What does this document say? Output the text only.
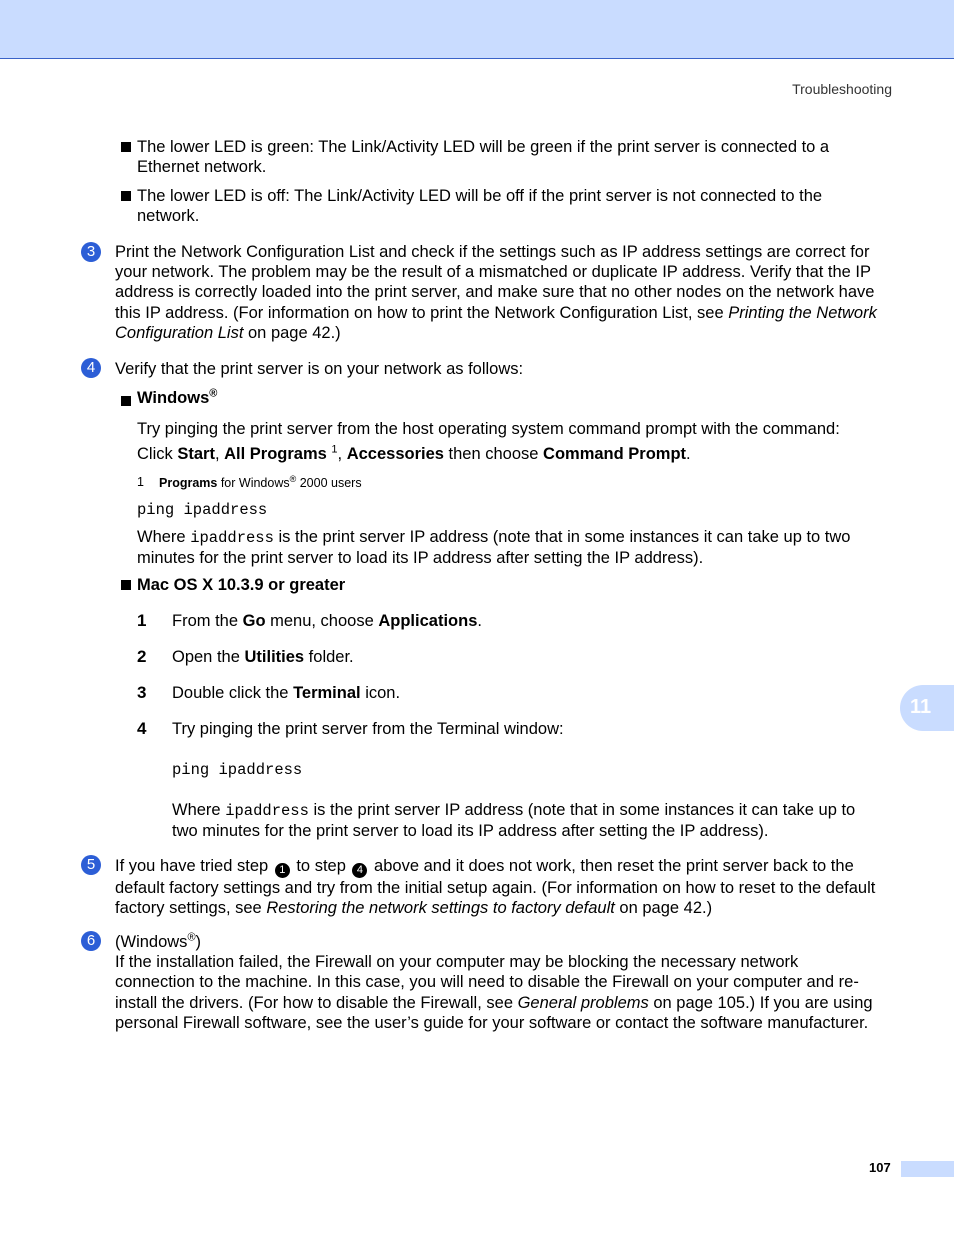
Troubleshooting
The lower LED is green: The Link/Activity LED will be green if the print server is connected to a
Ethernet network.
The lower LED is off: The Link/Activity LED will be off if the print server is not connected to the
network.
3	Print the Network Configuration List and check if the settings such as IP address settings are correct for
your network. The problem may be the result of a mismatched or duplicate IP address. Verify that the IP
address is correctly loaded into the print server, and make sure that no other nodes on the network have
this IP address. (For information on how to print the Network Configuration List, see Printing the Network
Configuration List on page 42.)
4	Verify that the print server is on your network as follows:
Windows®
Try pinging the print server from the host operating system command prompt with the command:
Click Start, All Programs $^1$, Accessories then choose Command Prompt.
1 Programs for Windows® 2000 users
ping ipaddress
Where ipaddress is the print server IP address (note that in some instances it can take up to two
minutes for the print server to load its IP address after setting the IP address).
Mac OS X 10.3.9 or greater
1 From the Go menu, choose Applications.
2 Open the Utilities folder.
3 Double click the Terminal icon.
4 Try pinging the print server from the Terminal window:
ping ipaddress
Where ipaddress is the print server IP address (note that in some instances it can take up to
two minutes for the print server to load its IP address after setting the IP address).
5	If you have tried step 1 to step 4 above and it does not work, then reset the print server back to the
default factory settings and try from the initial setup again. (For information on how to reset to the default
factory settings, see Restoring the network settings to factory default on page 42.)
6	(Windows®)
If the installation failed, the Firewall on your computer may be blocking the necessary network
connection to the machine. In this case, you will need to disable the Firewall on your computer and re-
install the drivers. (For how to disable the Firewall, see General problems on page 105.) If you are using
personal Firewall software, see the user’s guide for your software or contact the software manufacturer.
11
107
